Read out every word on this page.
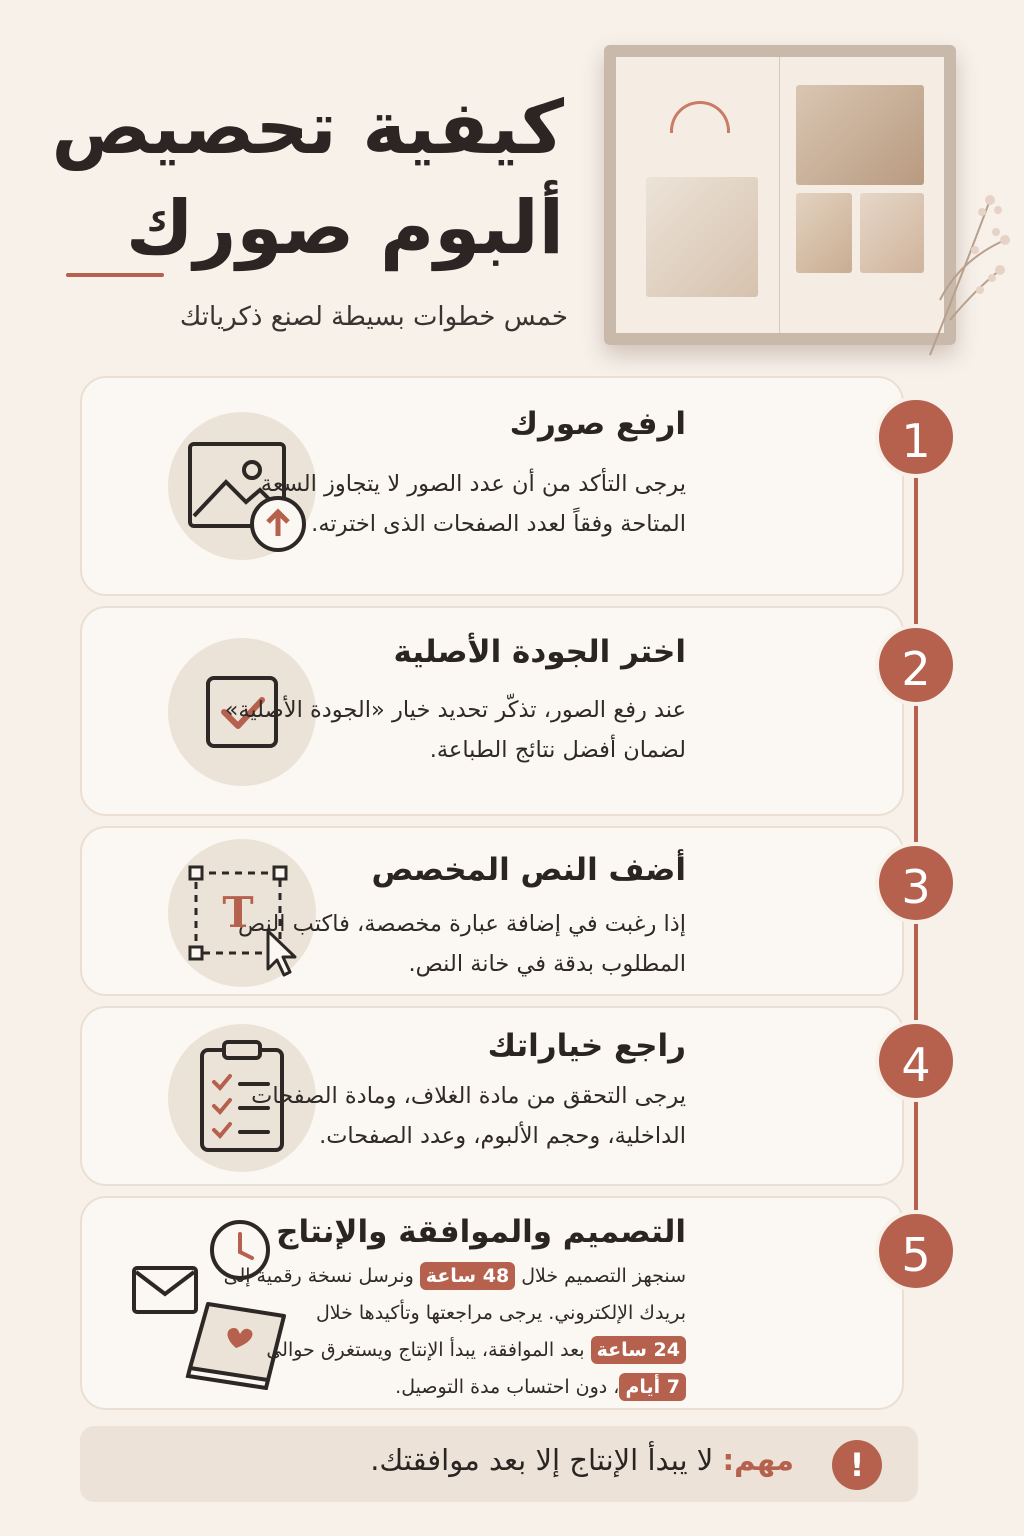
كيفية تحصيص
ألبوم صورك

خمس خطوات بسيطة لصنع ذكرياتك

ارفع صورك

يرجى التأكد من أن عدد الصور لا يتجاوز السعة المتاحة وفقاً لعدد الصفحات الذى اخترته.

1
اختر الجودة الأصلية

عند رفع الصور، تذكّر تحديد خيار «الجودة الأصلية» لضمان أفضل نتائج الطباعة.

2
T
أضف النص المخصص

إذا رغبت في إضافة عبارة مخصصة، فاكتب النص المطلوب بدقة في خانة النص.

3
راجع خياراتك

يرجى التحقق من مادة الغلاف، ومادة الصفحات الداخلية، وحجم الألبوم، وعدد الصفحات.

4
التصميم والموافقة والإنتاج

سنجهز التصميم خلال 48 ساعة ونرسل نسخة رقمية إلى بريدك الإلكتروني. يرجى مراجعتها وتأكيدها خلال 24 ساعة بعد الموافقة، يبدأ الإنتاج ويستغرق حوالي 7 أيام، دون احتساب مدة التوصيل.

5
!

مهم: لا يبدأ الإنتاج إلا بعد موافقتك.
